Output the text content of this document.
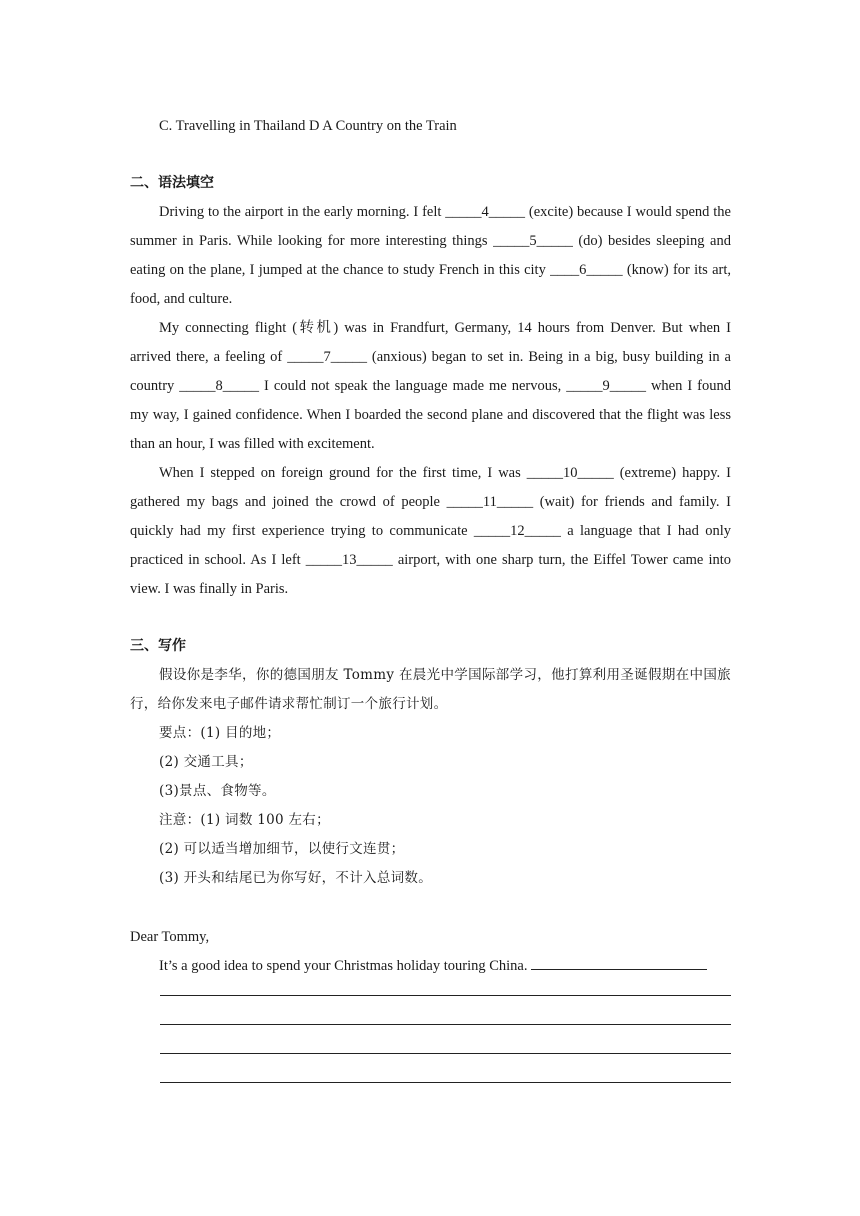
C. Travelling in Thailand D A Country on the Train

二、语法填空

Driving to the airport in the early morning. I felt _____4_____ (excite) because I would spend the summer in Paris. While looking for more interesting things _____5_____ (do) besides sleeping and eating on the plane, I jumped at the chance to study French in this city ____6_____ (know) for its art, food, and culture.

My connecting flight (转机) was in Frandfurt, Germany, 14 hours from Denver. But when I arrived there, a feeling of _____7_____ (anxious) began to set in. Being in a big, busy building in a country _____8_____ I could not speak the language made me nervous, _____9_____ when I found my way, I gained confidence. When I boarded the second plane and discovered that the flight was less than an hour, I was filled with excitement.

When I stepped on foreign ground for the first time, I was _____10_____ (extreme) happy. I gathered my bags and joined the crowd of people _____11_____ (wait) for friends and family. I quickly had my first experience trying to communicate _____12_____ a language that I had only practiced in school. As I left _____13_____ airport, with one sharp turn, the Eiffel Tower came into view. I was finally in Paris.

三、写作

假设你是李华，你的德国朋友 Tommy 在晨光中学国际部学习，他打算利用圣诞假期在中国旅行，给你发来电子邮件请求帮忙制订一个旅行计划。

要点：(1) 目的地；

(2) 交通工具；

(3)景点、食物等。

注意：(1) 词数 100 左右；

(2) 可以适当增加细节，以使行文连贯；

(3) 开头和结尾已为你写好，不计入总词数。

Dear Tommy,

It’s a good idea to spend your Christmas holiday touring China.
